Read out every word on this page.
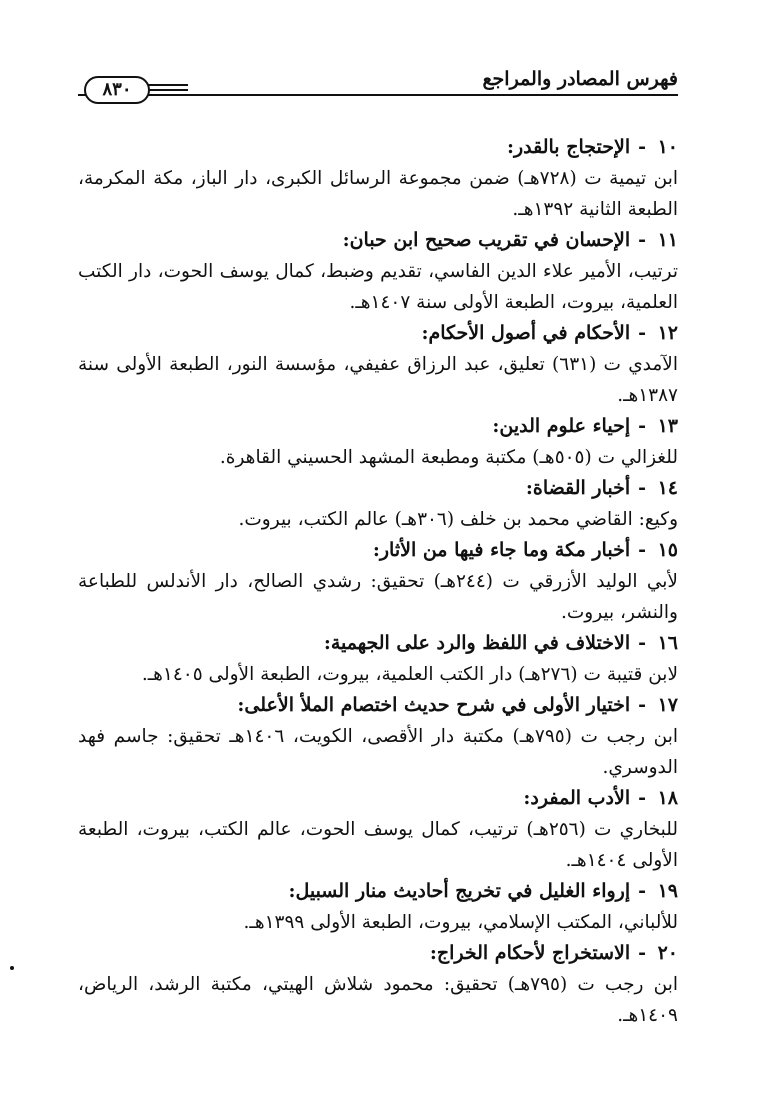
فهرس المصادر والمراجع
٨٣٠
١٠-الإحتجاج بالقدر:
ابن تيمية ت (٧٢٨هـ) ضمن مجموعة الرسائل الكبرى، دار الباز، مكة المكرمة، الطبعة الثانية ١٣٩٢هـ.
١١-الإحسان في تقريب صحيح ابن حبان:
ترتيب، الأمير علاء الدين الفاسي، تقديم وضبط، كمال يوسف الحوت، دار الكتب العلمية، بيروت، الطبعة الأولى سنة ١٤٠٧هـ.
١٢-الأحكام في أصول الأحكام:
الآمدي ت (٦٣١) تعليق، عبد الرزاق عفيفي، مؤسسة النور، الطبعة الأولى سنة ١٣٨٧هـ.
١٣-إحياء علوم الدين:
للغزالي ت (٥٠٥هـ) مكتبة ومطبعة المشهد الحسيني القاهرة.
١٤-أخبار القضاة:
وكيع: القاضي محمد بن خلف (٣٠٦هـ) عالم الكتب، بيروت.
١٥-أخبار مكة وما جاء فيها من الأثار:
لأبي الوليد الأزرقي ت (٢٤٤هـ) تحقيق: رشدي الصالح، دار الأندلس للطباعة والنشر، بيروت.
١٦-الاختلاف في اللفظ والرد على الجهمية:
لابن قتيبة ت (٢٧٦هـ) دار الكتب العلمية، بيروت، الطبعة الأولى ١٤٠٥هـ.
١٧-اختيار الأولى في شرح حديث اختصام الملأ الأعلى:
ابن رجب ت (٧٩٥هـ) مكتبة دار الأقصى، الكويت، ١٤٠٦هـ تحقيق: جاسم فهد الدوسري.
١٨-الأدب المفرد:
للبخاري ت (٢٥٦هـ) ترتيب، كمال يوسف الحوت، عالم الكتب، بيروت، الطبعة الأولى ١٤٠٤هـ.
١٩-إرواء الغليل في تخريج أحاديث منار السبيل:
للألباني، المكتب الإسلامي، بيروت، الطبعة الأولى ١٣٩٩هـ.
٢٠-الاستخراج لأحكام الخراج:
ابن رجب ت (٧٩٥هـ) تحقيق: محمود شلاش الهيتي، مكتبة الرشد، الرياض، ١٤٠٩هـ.
